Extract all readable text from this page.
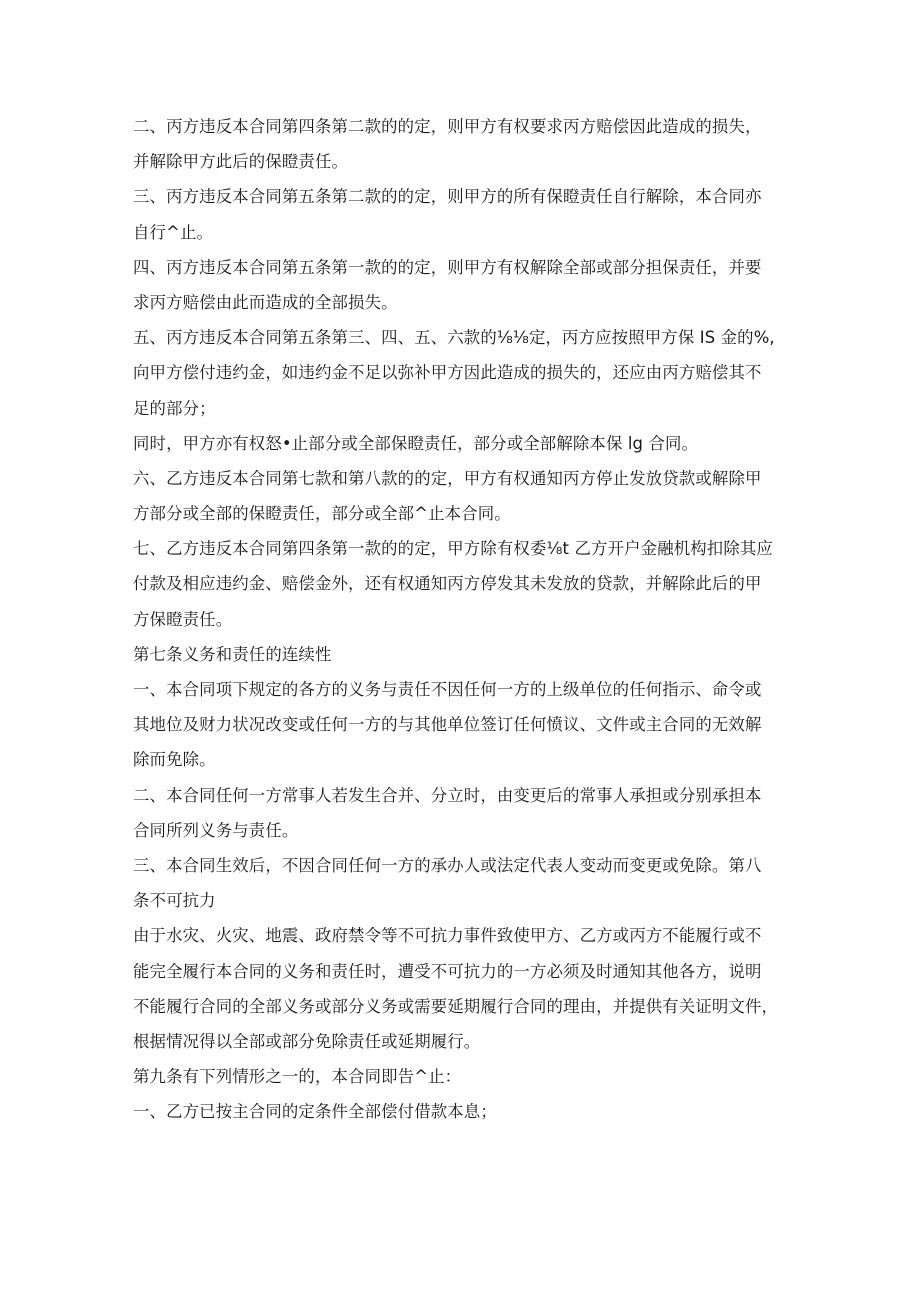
二、丙方违反本合同第四条第二款的的定，则甲方有权要求丙方赔偿因此造成的损失，
并解除甲方此后的保瞪责任。
三、丙方违反本合同第五条第二款的的定，则甲方的所有保瞪责任自行解除，本合同亦
自行^止。
四、丙方违反本合同第五条第一款的的定，则甲方有权解除全部或部分担保责任，并要
求丙方赔偿由此而造成的全部损失。
五、丙方违反本合同第五条第三、四、五、六款的⅛⅛定，丙方应按照甲方保 IS 金的%,
向甲方偿付违约金，如违约金不足以弥补甲方因此造成的损失的，还应由丙方赔偿其不
足的部分；
同时，甲方亦有权怒•止部分或全部保瞪责任，部分或全部解除本保 lg 合同。
六、乙方违反本合同第七款和第八款的的定，甲方有权通知丙方停止发放贷款或解除甲
方部分或全部的保瞪责任，部分或全部^止本合同。
七、乙方违反本合同第四条第一款的的定，甲方除有权委⅛t 乙方开户金融机构扣除其应
付款及相应违约金、赔偿金外，还有权通知丙方停发其未发放的贷款，并解除此后的甲
方保瞪责任。
第七条义务和责任的连续性
一、本合同项下规定的各方的义务与责任不因任何一方的上级单位的任何指示、命令或
其地位及财力状况改变或任何一方的与其他单位签订任何愤议、文件或主合同的无效解
除而免除。
二、本合同任何一方常事人若发生合并、分立时，由变更后的常事人承担或分别承担本
合同所列义务与责任。
三、本合同生效后，不因合同任何一方的承办人或法定代表人变动而变更或免除。第八
条不可抗力
由于水灾、火灾、地震、政府禁令等不可抗力事件致使甲方、乙方或丙方不能履行或不
能完全履行本合同的义务和责任时，遭受不可抗力的一方必须及时通知其他各方，说明
不能履行合同的全部义务或部分义务或需要延期履行合同的理由，并提供有关证明文件，
根据情况得以全部或部分免除责任或延期履行。
第九条有下列情形之一的，本合同即告^止：
一、乙方已按主合同的定条件全部偿付借款本息；
